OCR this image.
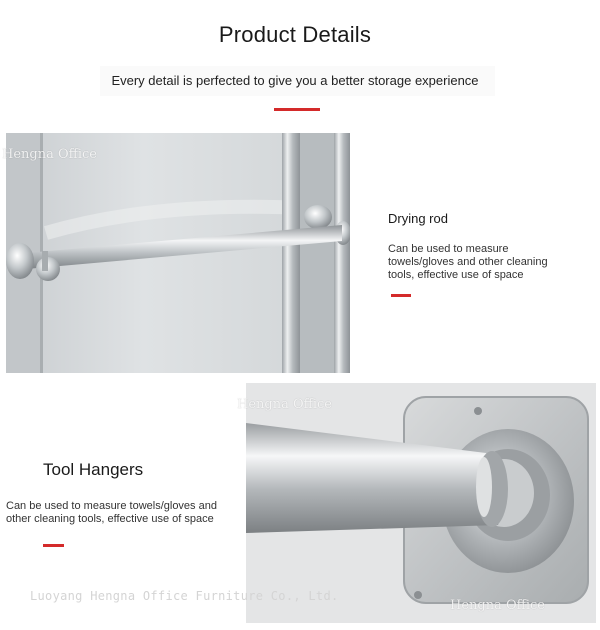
Product Details
Every detail is perfected to give you a better storage experience
Hengna Office
Drying rod
Can be used to measure towels/gloves and other cleaning tools, effective use of space
Tool Hangers
Can be used to measure towels/gloves and other cleaning tools, effective use of space
Hengna Office
Hengna Office
Luoyang Hengna Office Furniture Co., Ltd.
